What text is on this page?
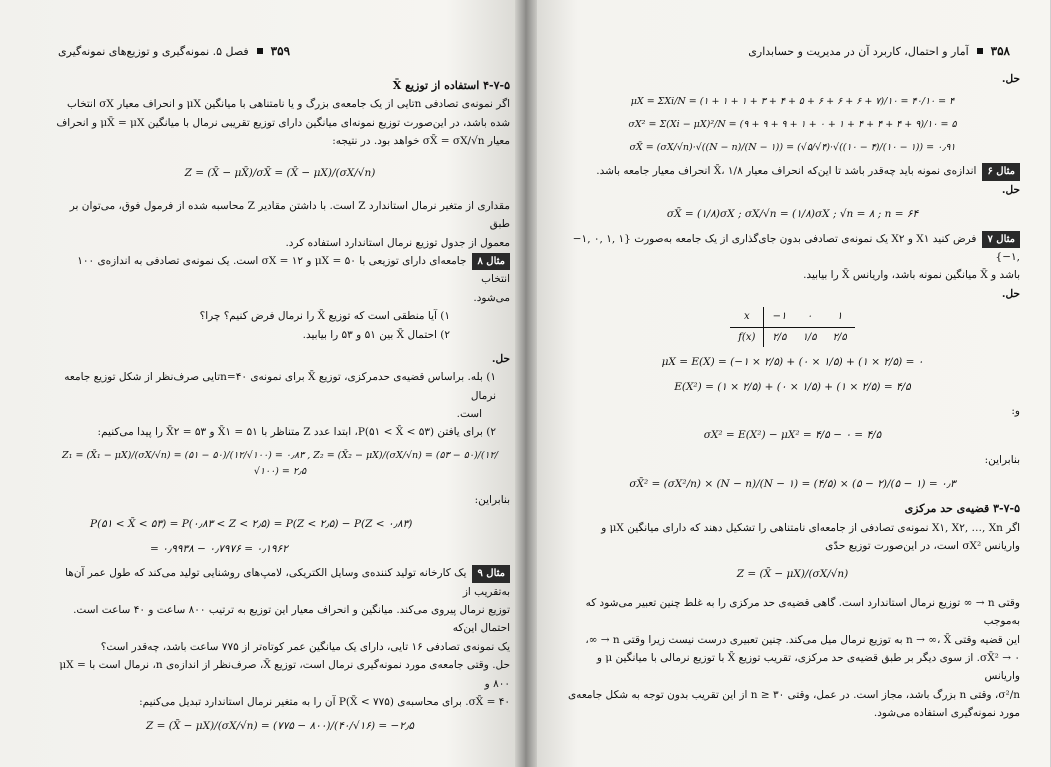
۳۵۹
فصل ۵. نمونه‌گیری و توزیع‌های نمونه‌گیری
۴-۷-۵ استفاده از توزیع X̄
اگر نمونه‌ی تصادفی nتایی از یک جامعه‌ی بزرگ و یا نامتناهی با میانگین μX و انحراف معیار σX انتخاب
شده باشد، در این‌صورت توزیع نمونه‌ای میانگین دارای توزیع تقریبی نرمال با میانگین μX̄ = μX و انحراف
معیار σX̄ = σX/√n خواهد بود. در نتیجه:
Z = (X̄ − μX̄)/σX̄ = (X̄ − μX)/(σX/√n)
مقداری از متغیر نرمال استاندارد Z است. با داشتن مقادیر Z محاسبه شده از فرمول فوق، می‌توان بر طبق
معمول از جدول توزیع نرمال استاندارد استفاده کرد.
مثال ۸جامعه‌ای دارای توزیعی با μX = ۵۰ و σX = ۱۲ است. یک نمونه‌ی تصادفی به اندازه‌ی ۱۰۰ انتخاب
می‌شود.
۱) آیا منطقی است که توزیع X̄ را نرمال فرض کنیم؟ چرا؟
۲) احتمال X̄ بین ۵۱ و ۵۳ را بیابید.
حل.
۱) بله. براساس قضیه‌ی حدمرکزی، توزیع X̄ برای نمونه‌ی n=۴۰تایی صرف‌نظر از شکل توزیع جامعه نرمال
است.
۲) برای یافتن P(۵۱ < X̄ < ۵۳)، ابتدا عدد Z متناظر با X̄۱ = ۵۱ و X̄۲ = ۵۳ را پیدا می‌کنیم:
Z₁ = (X̄₁ − μX)/(σX/√n) = (۵۱ − ۵۰)/(۱۲/√۱۰۰) = ۰٫۸۳ , Z₂ = (X̄₂ − μX)/(σX/√n) = (۵۳ − ۵۰)/(۱۲/√۱۰۰) = ۲٫۵
بنابراین:
P(۵۱ < X̄ < ۵۳) = P(۰٫۸۳ < Z < ۲٫۵) = P(Z < ۲٫۵) − P(Z < ۰٫۸۳)
= ۰٫۹۹۳۸ − ۰٫۷۹۷۶ = ۰٫۱۹۶۲
مثال ۹یک کارخانه تولید کننده‌ی وسایل الکتریکی، لامپ‌های روشنایی تولید می‌کند که طول عمر آن‌ها به‌تقریب از
توزیع نرمال پیروی می‌کند. میانگین و انحراف معیار این توزیع به ترتیب ۸۰۰ ساعت و ۴۰ ساعت است. احتمال این‌که
یک نمونه‌ی تصادفی ۱۶ تایی، دارای یک میانگین عمر کوتاه‌تر از ۷۷۵ ساعت باشد، چه‌قدر است؟
حل. وقتی جامعه‌ی مورد نمونه‌گیری نرمال است، توزیع X̄، صرف‌نظر از اندازه‌ی n، نرمال است با μX = ۸۰۰ و
σX̄ = ۴۰. برای محاسبه‌ی P(X̄ < ۷۷۵) آن را به متغیر نرمال استاندارد تبدیل می‌کنیم:
Z = (X̄ − μX)/(σX/√n) = (۷۷۵ − ۸۰۰)/(۴۰/√۱۶) = −۲٫۵
۳۵۸
آمار و احتمال، کاربرد آن در مدیریت و حسابداری
حل.
μX = ΣXi/N = (۱ + ۱ + ۱ + ۳ + ۴ + ۵ + ۶ + ۶ + ۶ + ۷)/۱۰ = ۴۰/۱۰ = ۴
σX² = Σ(Xi − μX)²/N = (۹ + ۹ + ۹ + ۱ + ۰ + ۱ + ۴ + ۴ + ۴ + ۹)/۱۰ = ۵
σX̄ = (σX/√n)·√((N − n)/(N − ۱)) = (√۵/√۴)·√((۱۰ − ۴)/(۱۰ − ۱)) = ۰٫۹۱
مثال ۶اندازه‌ی نمونه باید چه‌قدر باشد تا این‌که انحراف معیار X̄، ۱/۸ انحراف معیار جامعه باشد.
حل.
σX̄ = (۱/۸)σX ; σX/√n = (۱/۸)σX ; √n = ۸ ; n = ۶۴
مثال ۷فرض کنید X۱ و X۲ یک نمونه‌ی تصادفی بدون جای‌گذاری از یک جامعه به‌صورت {۱ ,۱ ,۰ ,۱− ,۱−}
باشد و X̄ میانگین نمونه باشد، واریانس X̄ را بیابید.
حل.
x	−۱	۰	۱
f(x)	۲/۵	۱/۵	۲/۵
μX = E(X) = (−۱ × ۲/۵) + (۰ × ۱/۵) + (۱ × ۲/۵) = ۰
E(X²) = (۱ × ۲/۵) + (۰ × ۱/۵) + (۱ × ۲/۵) = ۴/۵
و:
σX² = E(X²) − μX² = ۴/۵ − ۰ = ۴/۵
بنابراین:
σX̄² = (σX²/n) × (N − n)/(N − ۱) = (۴/۵) × (۵ − ۲)/(۵ − ۱) = ۰٫۳
۳-۷-۵ قضیه‌ی حد مرکزی
اگر X۱, X۲, …, Xn نمونه‌ی تصادفی از جامعه‌ای نامتناهی را تشکیل دهند که دارای میانگین μX و
واریانس σX² است، در این‌صورت توزیع حدّی
Z = (X̄ − μX)/(σX/√n)
وقتی n → ∞ توزیع نرمال استاندارد است. گاهی قضیه‌ی حد مرکزی را به غلط چنین تعبیر می‌شود که به‌موجب
این قضیه وقتی n → ∞، X̄ به توزیع نرمال میل می‌کند. چنین تعبیری درست نیست زیرا وقتی n → ∞،
σX̄² → ۰. از سوی دیگر بر طبق قضیه‌ی حد مرکزی، تقریب توزیع X̄ با توزیع نرمالی با میانگین μ و واریانس
σ²/n، وقتی n بزرگ باشد، مجاز است. در عمل، وقتی n ≥ ۳۰ از این تقریب بدون توجه به شکل جامعه‌ی
مورد نمونه‌گیری استفاده می‌شود.
